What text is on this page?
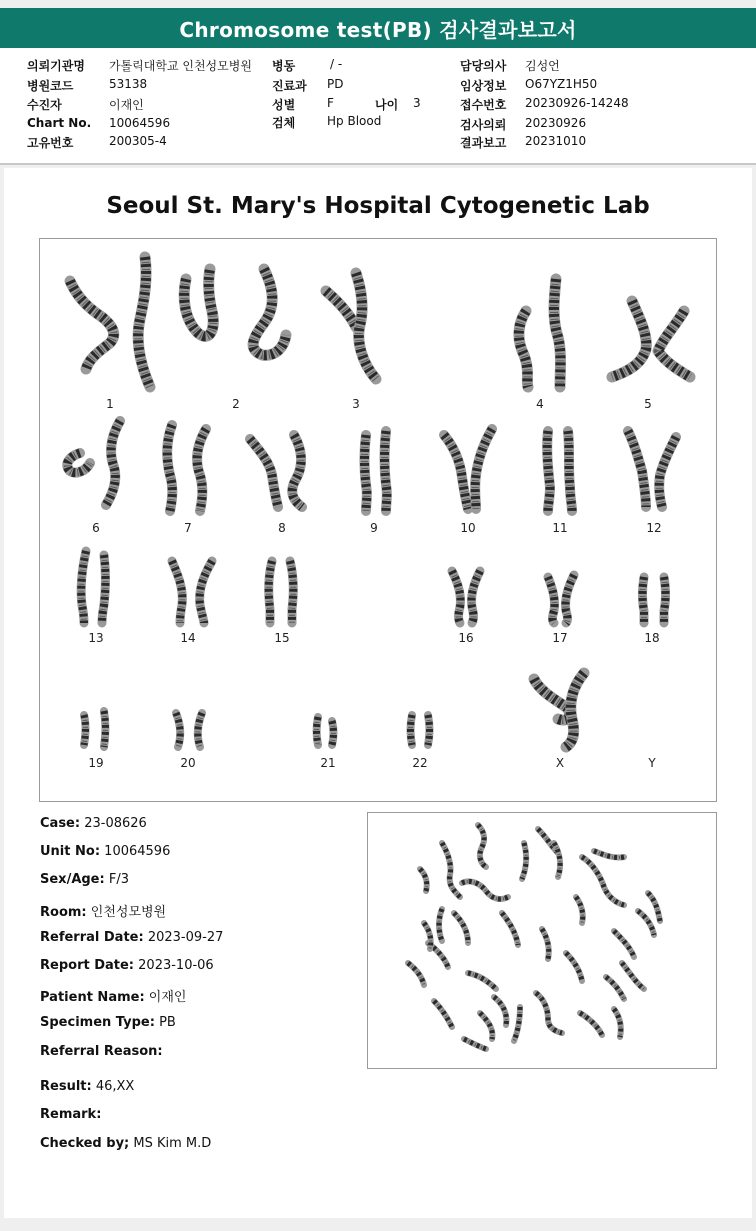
Chromosome test(PB) 검사결과보고서
의뢰기관명 가톨릭대학교 인천성모병원
병원코드	53138
수진자	이재인
Chart No. 10064596
고유번호	200305-4
병동	/ -
진료과 PD
성별	F	나이 3
검체	Hp Blood
담당의사 김성언
임상정보 O67YZ1H50
접수번호 20230926-14248
검사의뢰 20230926
결과보고 20231010
Seoul St. Mary's Hospital Cytogenetic Lab
1	2	3	4	5
6	7	8	9	10	11	12
13	14	15	16	17	18
19	20	21	22	X	Y
Case: 23-08626
Unit No: 10064596
Sex/Age: F/3
Room: 인천성모병원
Referral Date: 2023-09-27
Report Date: 2023-10-06
Patient Name: 이재인
Specimen Type: PB
Referral Reason:
Result: 46,XX
Remark:
Checked by; MS Kim M.D
